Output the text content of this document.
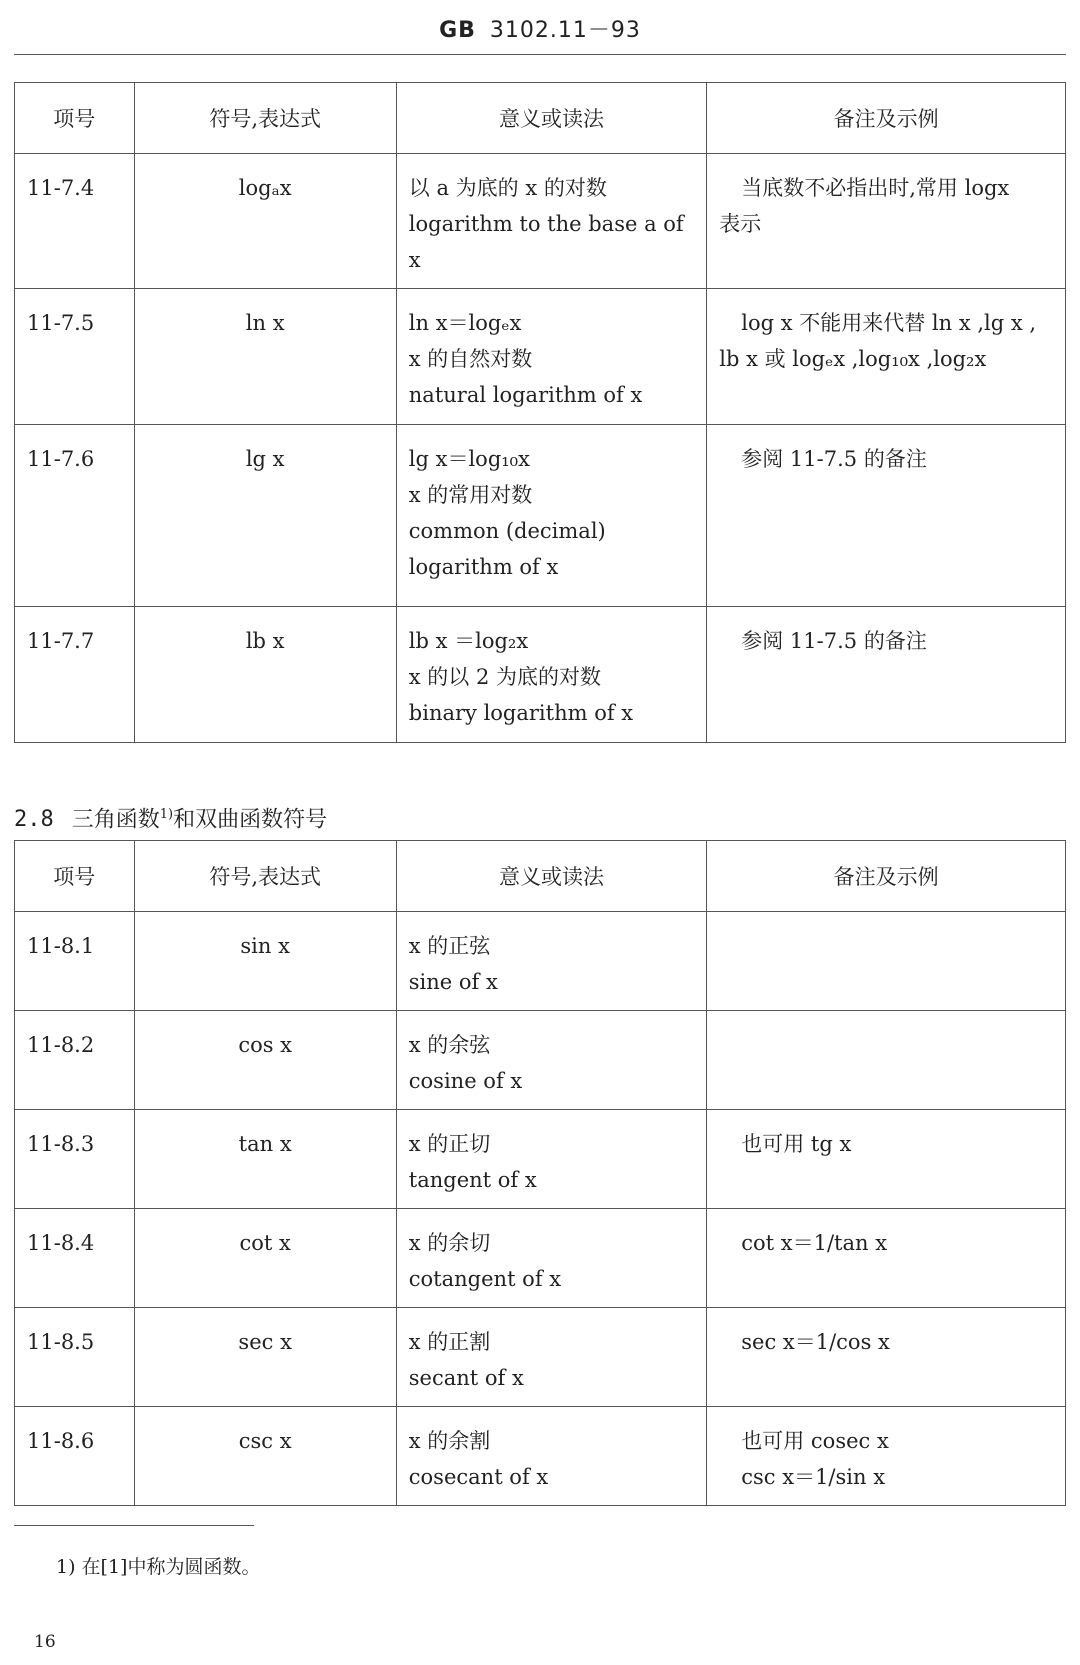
GB 3102.11－93
项号	符号,表达式	意义或读法	备注及示例
11-7.4	logₐx	以 a 为底的 x 的对数
logarithm to the base a of x	当底数不必指出时,常用 logx
表示

11-7.5	ln x	ln x＝logₑx
x 的自然对数
natural logarithm of x	log x 不能用来代替 ln x ,lg x ,
lb x 或 logₑx ,log₁₀x ,log₂x

11-7.6	lg x	lg x＝log₁₀x
x 的常用对数
common (decimal)
logarithm of x	参阅 11-7.5 的备注

11-7.7	lb x	lb x ＝log₂x
x 的以 2 为底的对数
binary logarithm of x	参阅 11-7.5 的备注
2.8 三角函数$^{1)}$和双曲函数符号
项号	符号,表达式	意义或读法	备注及示例
11-8.1	sin x	x 的正弦
sine of x	

11-8.2	cos x	x 的余弦
cosine of x	

11-8.3	tan x	x 的正切
tangent of x	也可用 tg x

11-8.4	cot x	x 的余切
cotangent of x	cot x＝1/tan x

11-8.5	sec x	x 的正割
secant of x	sec x＝1/cos x

11-8.6	csc x	x 的余割
cosecant of x	也可用 cosec x
csc x＝1/sin x
1) 在[1]中称为圆函数。
16
